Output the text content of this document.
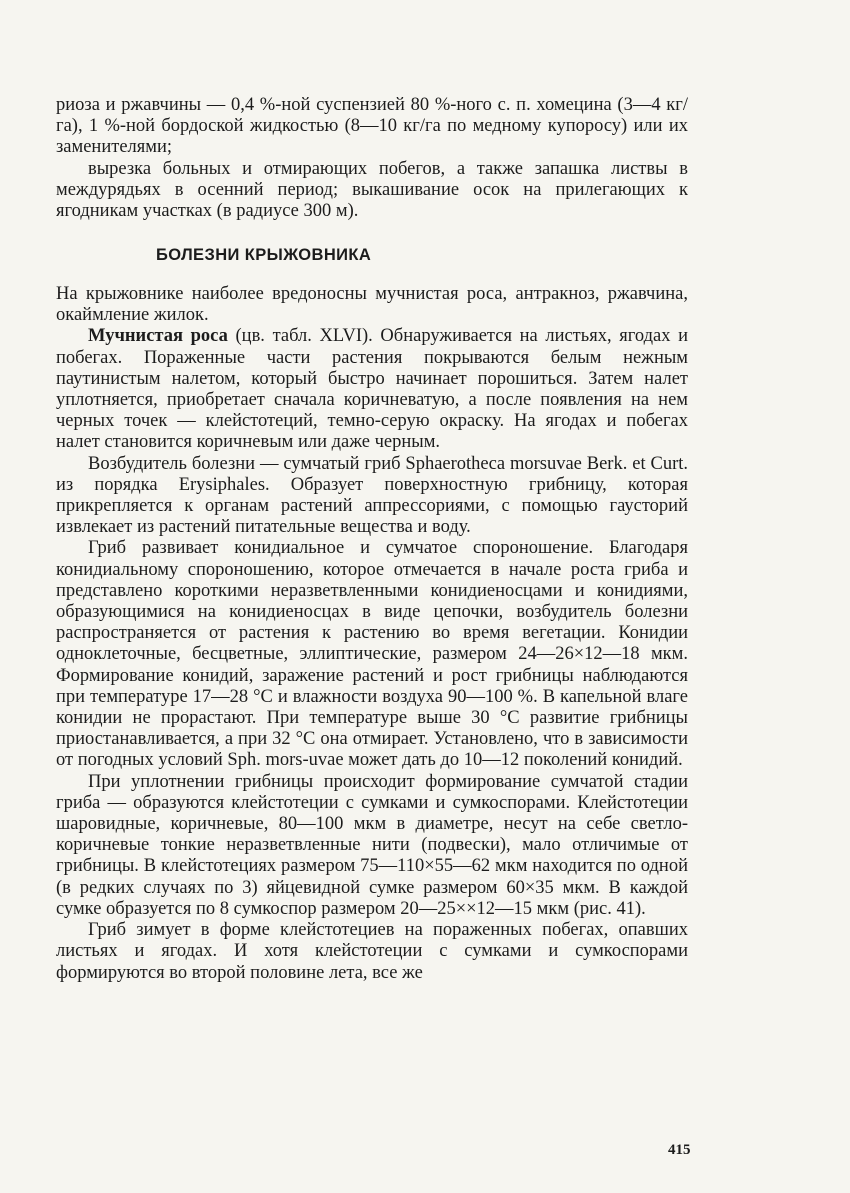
риоза и ржавчины — 0,4 %-ной суспензией 80 %-ного с. п. хомецина (3—4 кг/га), 1 %-ной бордоской жидкостью (8—10 кг/га по медному купоросу) или их заменителями;

вырезка больных и отмирающих побегов, а также запашка листвы в междурядьях в осенний период; выкашивание осок на прилегающих к ягодникам участках (в радиусе 300 м).

БОЛЕЗНИ КРЫЖОВНИКА

На крыжовнике наиболее вредоносны мучнистая роса, антракноз, ржавчина, окаймление жилок.

Мучнистая роса (цв. табл. XLVI). Обнаруживается на листьях, ягодах и побегах. Пораженные части растения покрываются белым нежным паутинистым налетом, который быстро начинает порошиться. Затем налет уплотняется, приобретает сначала коричневатую, а после появления на нем черных точек — клейстотеций, темно-серую окраску. На ягодах и побегах налет становится коричневым или даже черным.

Возбудитель болезни — сумчатый гриб Sphaerotheca morsuvae Berk. et Curt. из порядка Erysiphales. Образует поверхностную грибницу, которая прикрепляется к органам растений аппрессориями, с помощью гаусторий извлекает из растений питательные вещества и воду.

Гриб развивает конидиальное и сумчатое спороношение. Благодаря конидиальному спороношению, которое отмечается в начале роста гриба и представлено короткими неразветвленными конидиеносцами и конидиями, образующимися на конидиеносцах в виде цепочки, возбудитель болезни распространяется от растения к растению во время вегетации. Конидии одноклеточные, бесцветные, эллиптические, размером 24—26×12—18 мкм. Формирование конидий, заражение растений и рост грибницы наблюдаются при температуре 17—28 °С и влажности воздуха 90—100 %. В капельной влаге конидии не прорастают. При температуре выше 30 °С развитие грибницы приостанавливается, а при 32 °С она отмирает. Установлено, что в зависимости от погодных условий Sph. mors-uvae может дать до 10—12 поколений конидий.

При уплотнении грибницы происходит формирование сумчатой стадии гриба — образуются клейстотеции с сумками и сумкоспорами. Клейстотеции шаровидные, коричневые, 80—100 мкм в диаметре, несут на себе светло-коричневые тонкие неразветвленные нити (подвески), мало отличимые от грибницы. В клейстотециях размером 75—110×55—62 мкм находится по одной (в редких случаях по 3) яйцевидной сумке размером 60×35 мкм. В каждой сумке образуется по 8 сумкоспор размером 20—25××12—15 мкм (рис. 41).

Гриб зимует в форме клейстотециев на пораженных побегах, опавших листьях и ягодах. И хотя клейстотеции с сумками и сумкоспорами формируются во второй половине лета, все же

415
